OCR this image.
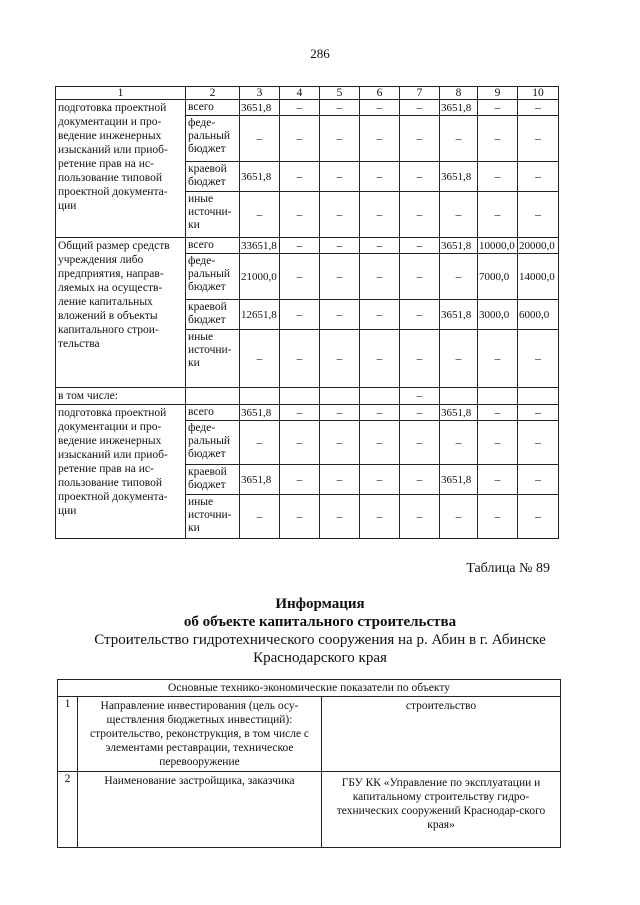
286
1	2	3	4	5	6	7	8	9	10
подготовка проектной документации и про-ведение инженерных изысканий или приоб-ретение прав на ис-пользование типовой проектной документа-ции	всего	3651,8	–	–	–	–	3651,8	–	–
	феде-ральный бюджет	–	–	–	–	–	–	–	–
	краевой бюджет	3651,8	–	–	–	–	3651,8	–	–
	иные источни-ки	–	–	–	–	–	–	–	–
Общий размер средств учреждения либо предприятия, направ-ляемых на осуществ-ление капитальных вложений в объекты капитального строи-тельства	всего	33651,8	–	–	–	–	3651,8	10000,0	20000,0
	феде-ральный бюджет	21000,0	–	–	–	–	–	7000,0	14000,0
	краевой бюджет	12651,8	–	–	–	–	3651,8	3000,0	6000,0
	иные источни-ки	–	–	–	–	–	–	–	–
в том числе:						–			
подготовка проектной документации и про-ведение инженерных изысканий или приоб-ретение прав на ис-пользование типовой проектной документа-ции	всего	3651,8	–	–	–	–	3651,8	–	–
	феде-ральный бюджет	–	–	–	–	–	–	–	–
	краевой бюджет	3651,8	–	–	–	–	3651,8	–	–
	иные источни-ки	–	–	–	–	–	–	–	–
Таблица № 89
Информация
об объекте капитального строительства
Строительство гидротехнического сооружения на р. Абин в г. Абинске
Краснодарского края
Основные технико-экономические показатели по объекту		
1	Направление инвестирования (цель осу-ществления бюджетных инвестиций): строительство, реконструкция, в том числе с элементами реставрации, техническое перевооружение	строительство
2	Наименование застройщика, заказчика	ГБУ КК «Управление по эксплуатации и капитальному строительству гидро-технических сооружений Краснодар-ского края»
